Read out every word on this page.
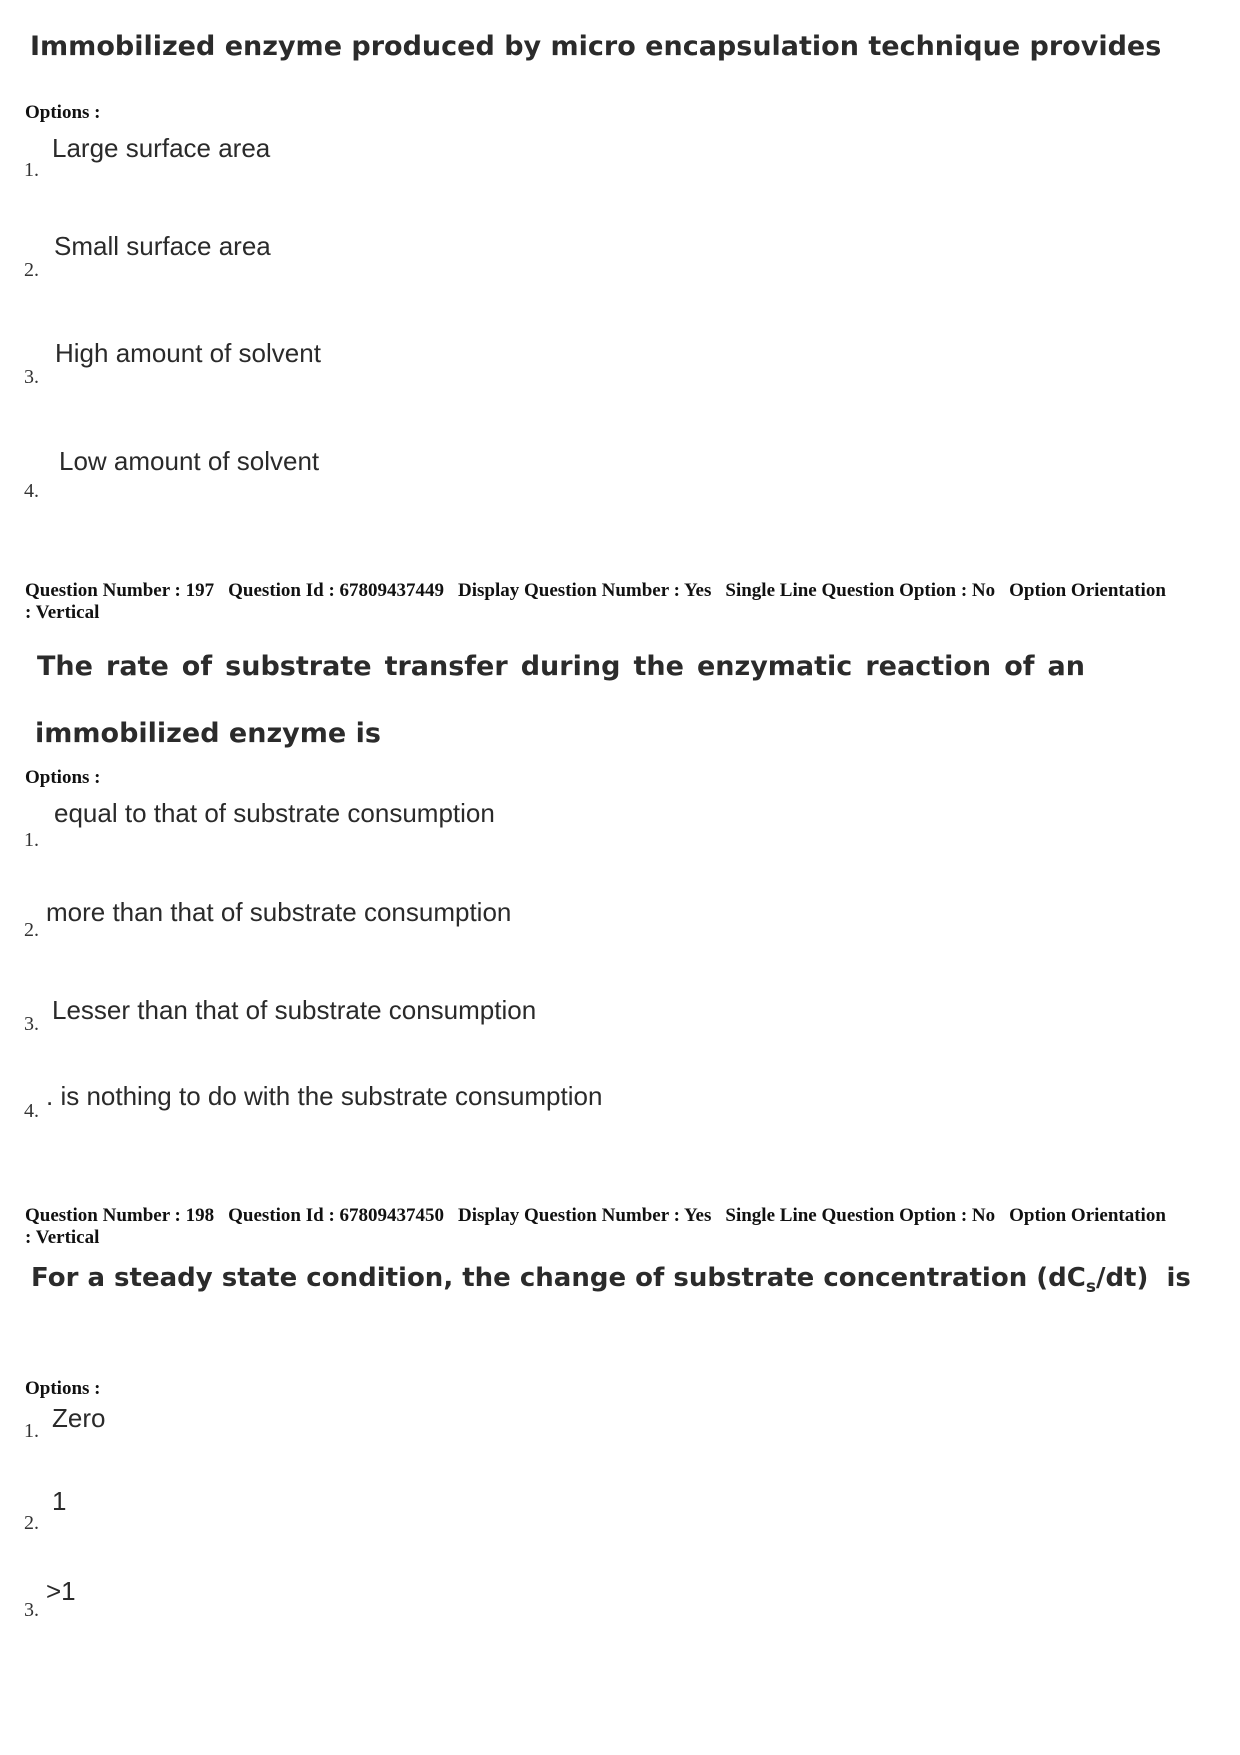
Immobilized enzyme produced by micro encapsulation technique provides
Options :
1.
Large surface area
2.
Small surface area
3.
High amount of solvent
4.
Low amount of solvent

Question Number : 197 Question Id : 67809437449 Display Question Number : Yes Single Line Question Option : No Option Orientation : Vertical

The rate of substrate transfer during the enzymatic reaction of an
immobilized enzyme is
Options :
1.
equal to that of substrate consumption
2.
more than that of substrate consumption
3. Lesser than that of substrate consumption
4. . is nothing to do with the substrate consumption

Question Number : 198 Question Id : 67809437450 Display Question Number : Yes Single Line Question Option : No Option Orientation : Vertical

For a steady state condition, the change of substrate concentration $(dC_s/dt)$  is
Options :
1. Zero
2.
1
3.
>1
